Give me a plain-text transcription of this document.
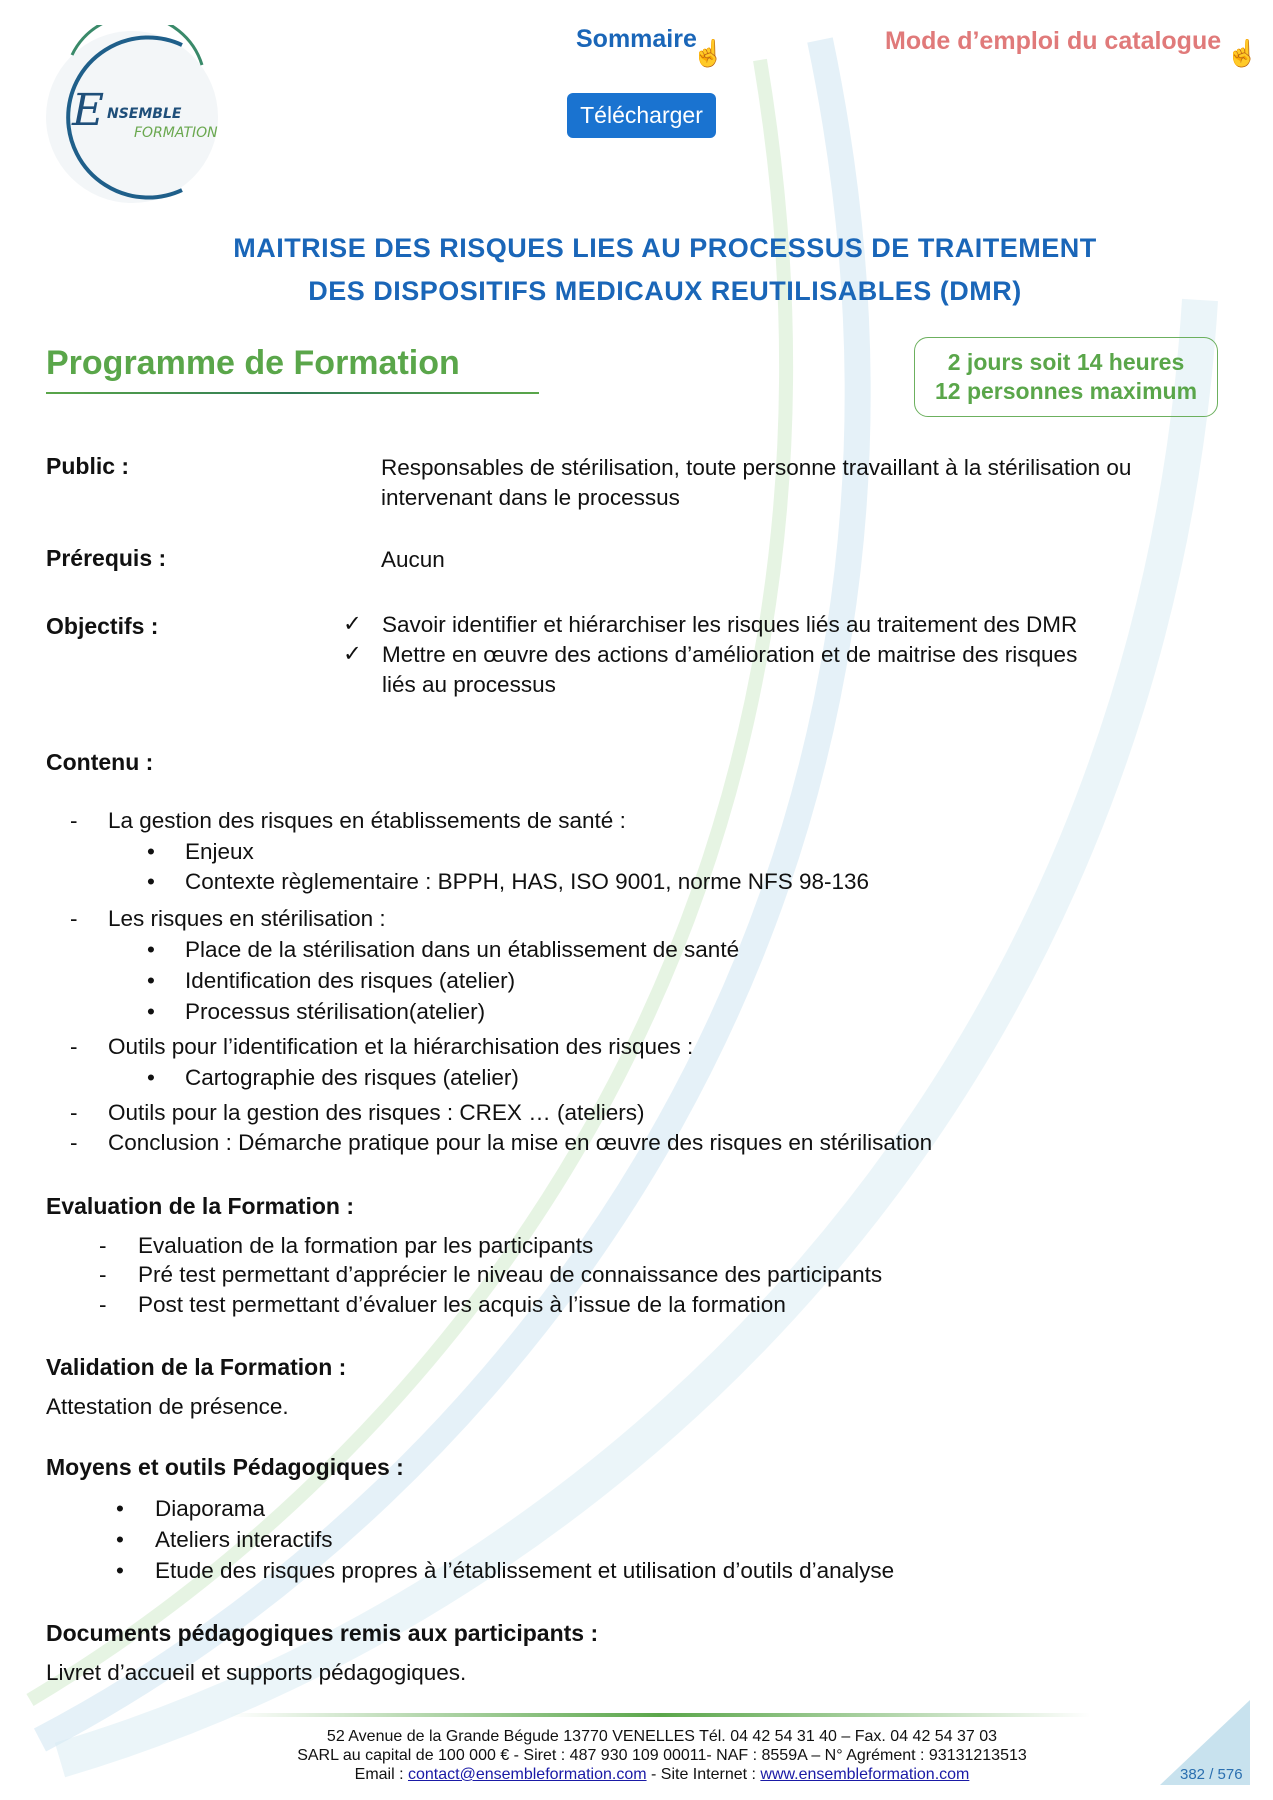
E NSEMBLE
FORMATION
Sommaire
☝	Mode d’emploi du catalogue ☝
Télécharger
MAITRISE DES RISQUES LIES AU PROCESSUS DE TRAITEMENT
DES DISPOSITIFS MEDICAUX REUTILISABLES (DMR)
Programme de Formation	2 jours soit 14 heures
12 personnes maximum
Public :	Responsables de stérilisation, toute personne travaillant à la stérilisation ou
intervenant dans le processus
Prérequis :	Aucun
Objectifs :	✓ Savoir identifier et hiérarchiser les risques liés au traitement des DMR
✓ Mettre en œuvre des actions d’amélioration et de maitrise des risques
liés au processus
Contenu :
Evaluation de la Formation :
Validation de la Formation :
Attestation de présence.
Moyens et outils Pédagogiques :
Documents pédagogiques remis aux participants :
Livret d’accueil et supports pédagogiques.
52 Avenue de la Grande Bégude 13770 VENELLES Tél. 04 42 54 31 40 – Fax. 04 42 54 37 03
SARL au capital de 100 000 € - Siret : 487 930 109 00011- NAF : 8559A – N° Agrément : 93131213513
Email : contact@ensembleformation.com - Site Internet : www.ensembleformation.com	382 / 576
- La gestion des risques en établissements de santé :
• Enjeux
• Contexte règlementaire : BPPH, HAS, ISO 9001, norme NFS 98-136
- Les risques en stérilisation :
• Place de la stérilisation dans un établissement de santé
• Identification des risques (atelier)
• Processus stérilisation(atelier)
- Outils pour l’identification et la hiérarchisation des risques :
• Cartographie des risques (atelier)
- Outils pour la gestion des risques : CREX … (ateliers)
- Conclusion : Démarche pratique pour la mise en œuvre des risques en stérilisation
- Evaluation de la formation par les participants
- Pré test permettant d’apprécier le niveau de connaissance des participants
- Post test permettant d’évaluer les acquis à l’issue de la formation
• Diaporama
• Ateliers interactifs
• Etude des risques propres à l’établissement et utilisation d’outils d’analyse
